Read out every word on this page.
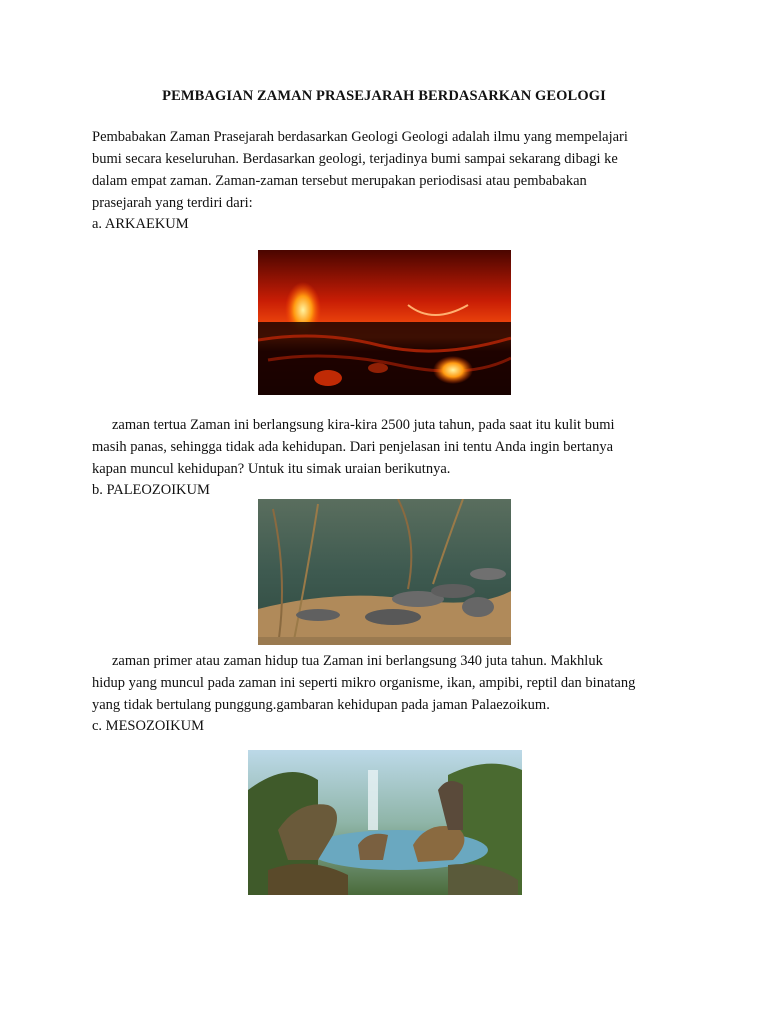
PEMBAGIAN ZAMAN PRASEJARAH BERDASARKAN GEOLOGI
Pembabakan Zaman Prasejarah berdasarkan Geologi Geologi adalah ilmu yang mempelajari
bumi secara keseluruhan. Berdasarkan geologi, terjadinya bumi sampai sekarang dibagi ke
dalam empat zaman. Zaman-zaman tersebut merupakan periodisasi atau pembabakan
prasejarah yang terdiri dari:
a. ARKAEKUM
zaman tertua Zaman ini berlangsung kira-kira 2500 juta tahun, pada saat itu kulit bumi
masih panas, sehingga tidak ada kehidupan. Dari penjelasan ini tentu Anda ingin bertanya
kapan muncul kehidupan? Untuk itu simak uraian berikutnya.
b. PALEOZOIKUM
zaman primer atau zaman hidup tua Zaman ini berlangsung 340 juta tahun. Makhluk
hidup yang muncul pada zaman ini seperti mikro organisme, ikan, ampibi, reptil dan binatang
yang tidak bertulang punggung.gambaran kehidupan pada jaman Palaezoikum.
c. MESOZOIKUM
